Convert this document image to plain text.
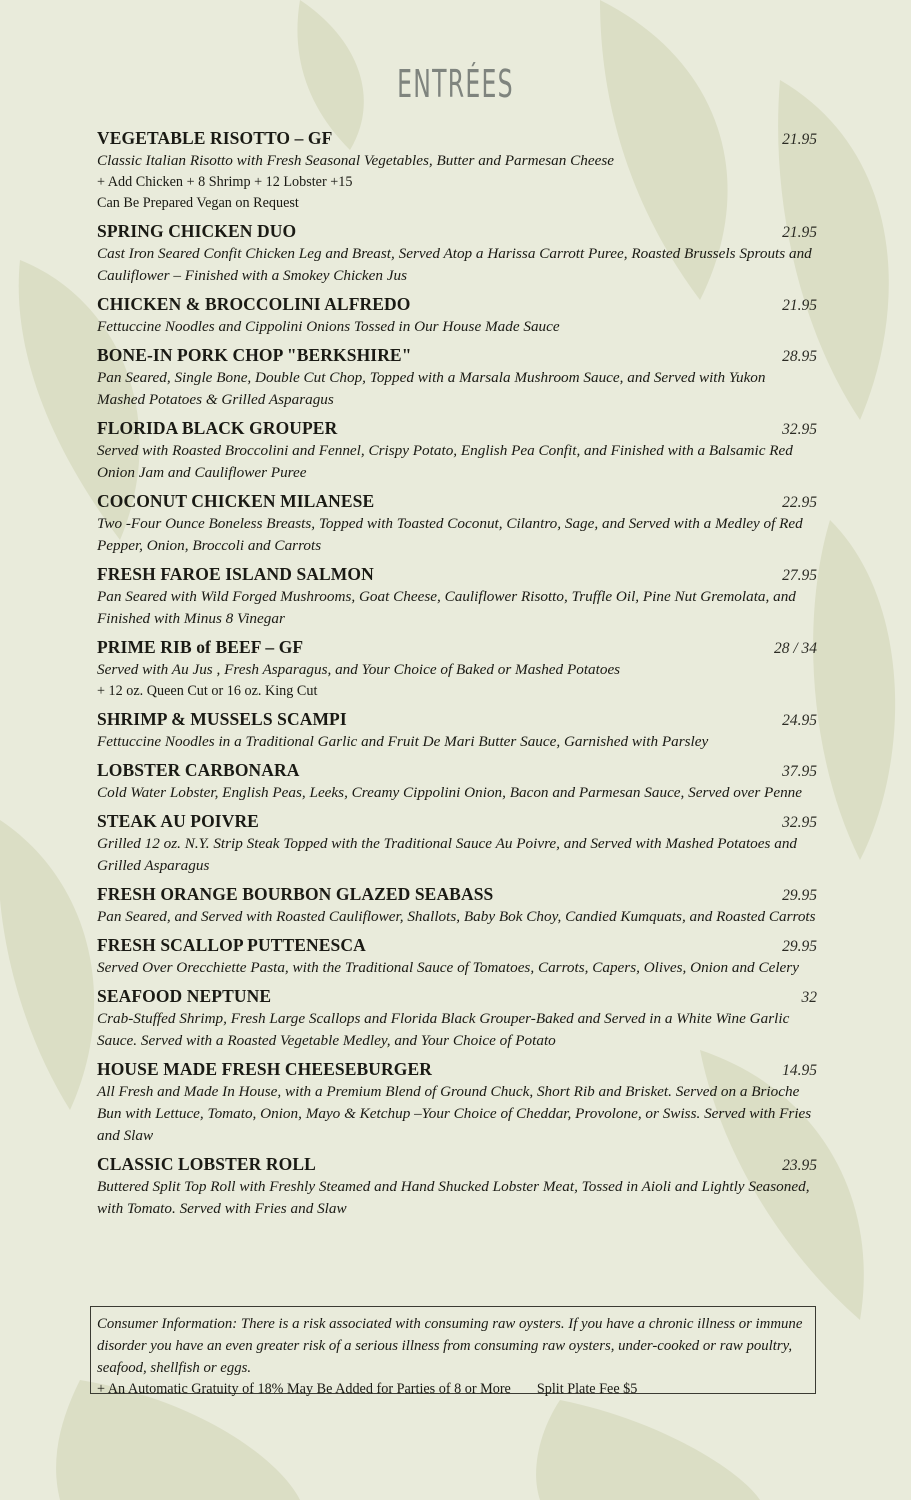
ENTRÉES
VEGETABLE RISOTTO – GF	21.95
Classic Italian Risotto with Fresh Seasonal Vegetables, Butter and Parmesan Cheese
+ Add Chicken + 8 Shrimp + 12 Lobster +15
Can Be Prepared Vegan on Request
SPRING CHICKEN DUO	21.95
Cast Iron Seared Confit Chicken Leg and Breast, Served Atop a Harissa Carrott Puree, Roasted Brussels Sprouts and Cauliflower – Finished with a Smokey Chicken Jus
CHICKEN & BROCCOLINI ALFREDO	21.95
Fettuccine Noodles and Cippolini Onions Tossed in Our House Made Sauce
BONE-IN PORK CHOP "BERKSHIRE"	28.95
Pan Seared, Single Bone, Double Cut Chop, Topped with a Marsala Mushroom Sauce, and Served with Yukon Mashed Potatoes & Grilled Asparagus
FLORIDA BLACK GROUPER	32.95
Served with Roasted Broccolini and Fennel, Crispy Potato, English Pea Confit, and Finished with a Balsamic Red Onion Jam and Cauliflower Puree
COCONUT CHICKEN MILANESE	22.95
Two -Four Ounce Boneless Breasts, Topped with Toasted Coconut, Cilantro, Sage, and Served with a Medley of Red Pepper, Onion, Broccoli and Carrots
FRESH FAROE ISLAND SALMON	27.95
Pan Seared with Wild Forged Mushrooms, Goat Cheese, Cauliflower Risotto, Truffle Oil, Pine Nut Gremolata, and Finished with Minus 8 Vinegar
PRIME RIB of BEEF – GF	28 / 34
Served with Au Jus , Fresh Asparagus, and Your Choice of Baked or Mashed Potatoes
+ 12 oz. Queen Cut or 16 oz. King Cut
SHRIMP & MUSSELS SCAMPI	24.95
Fettuccine Noodles in a Traditional Garlic and Fruit De Mari Butter Sauce, Garnished with Parsley
LOBSTER CARBONARA	37.95
Cold Water Lobster, English Peas, Leeks, Creamy Cippolini Onion, Bacon and Parmesan Sauce, Served over Penne
STEAK AU POIVRE	32.95
Grilled 12 oz. N.Y. Strip Steak Topped with the Traditional Sauce Au Poivre, and Served with Mashed Potatoes and Grilled Asparagus
FRESH ORANGE BOURBON GLAZED SEABASS	29.95
Pan Seared, and Served with Roasted Cauliflower, Shallots, Baby Bok Choy, Candied Kumquats, and Roasted Carrots
FRESH SCALLOP PUTTENESCA	29.95
Served Over Orecchiette Pasta, with the Traditional Sauce of Tomatoes, Carrots, Capers, Olives, Onion and Celery
SEAFOOD NEPTUNE	32
Crab-Stuffed Shrimp, Fresh Large Scallops and Florida Black Grouper-Baked and Served in a White Wine Garlic Sauce. Served with a Roasted Vegetable Medley, and Your Choice of Potato
HOUSE MADE FRESH CHEESEBURGER	14.95
All Fresh and Made In House, with a Premium Blend of Ground Chuck, Short Rib and Brisket. Served on a Brioche Bun with Lettuce, Tomato, Onion, Mayo & Ketchup –Your Choice of Cheddar, Provolone, or Swiss. Served with Fries and Slaw
CLASSIC LOBSTER ROLL	23.95
Buttered Split Top Roll with Freshly Steamed and Hand Shucked Lobster Meat, Tossed in Aioli and Lightly Seasoned, with Tomato. Served with Fries and Slaw
Consumer Information: There is a risk associated with consuming raw oysters. If you have a chronic illness or immune disorder you have an even greater risk of a serious illness from consuming raw oysters, under-cooked or raw poultry, seafood, shellfish or eggs.
+ An Automatic Gratuity of 18% May Be Added for Parties of 8 or More Split Plate Fee $5
